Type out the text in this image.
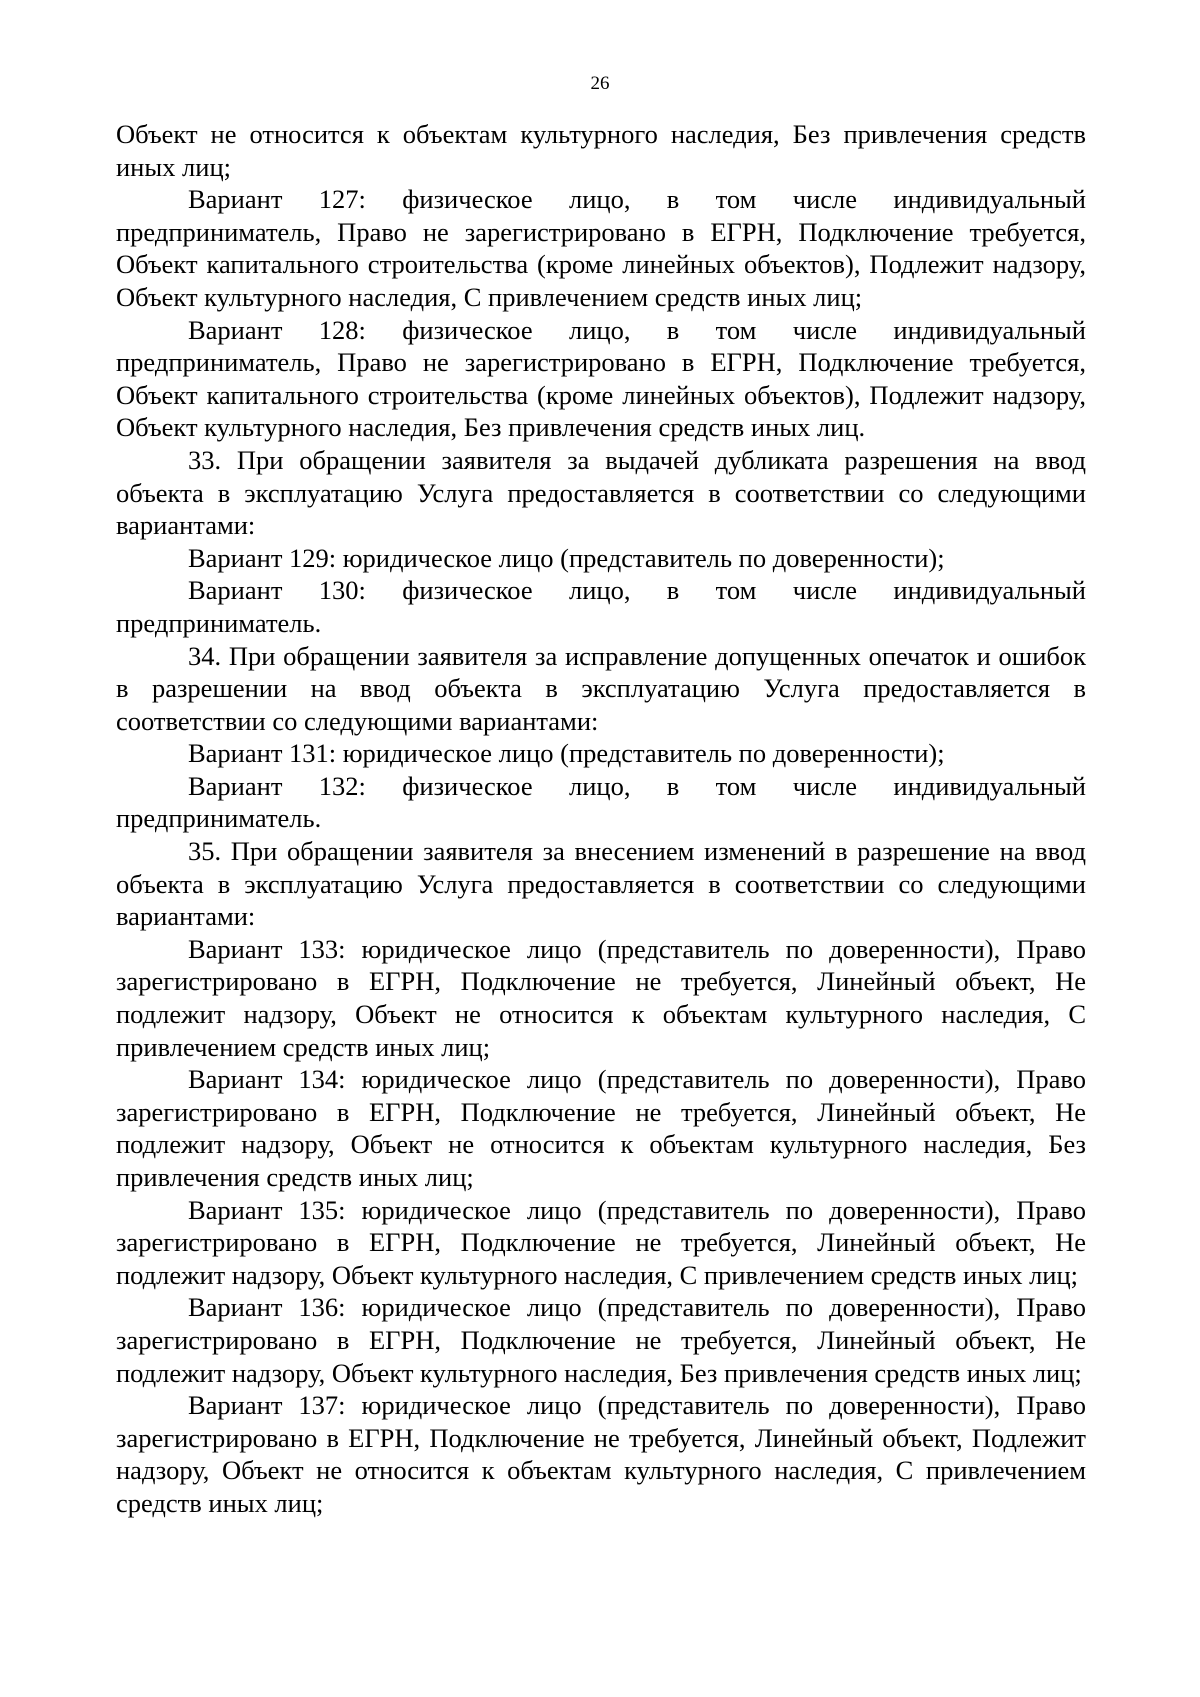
26

Объект не относится к объектам культурного наследия, Без привлечения средств иных лиц;

Вариант 127: физическое лицо, в том числе индивидуальный предприниматель, Право не зарегистрировано в ЕГРН, Подключение требуется, Объект капитального строительства (кроме линейных объектов), Подлежит надзору, Объект культурного наследия, С привлечением средств иных лиц;

Вариант 128: физическое лицо, в том числе индивидуальный предприниматель, Право не зарегистрировано в ЕГРН, Подключение требуется, Объект капитального строительства (кроме линейных объектов), Подлежит надзору, Объект культурного наследия, Без привлечения средств иных лиц.

33. При обращении заявителя за выдачей дубликата разрешения на ввод объекта в эксплуатацию Услуга предоставляется в соответствии со следующими вариантами:

Вариант 129: юридическое лицо (представитель по доверенности);

Вариант 130: физическое лицо, в том числе индивидуальный предприниматель.

34. При обращении заявителя за исправление допущенных опечаток и ошибок в разрешении на ввод объекта в эксплуатацию Услуга предоставляется в соответствии со следующими вариантами:

Вариант 131: юридическое лицо (представитель по доверенности);

Вариант 132: физическое лицо, в том числе индивидуальный предприниматель.

35. При обращении заявителя за внесением изменений в разрешение на ввод объекта в эксплуатацию Услуга предоставляется в соответствии со следующими вариантами:

Вариант 133: юридическое лицо (представитель по доверенности), Право зарегистрировано в ЕГРН, Подключение не требуется, Линейный объект, Не подлежит надзору, Объект не относится к объектам культурного наследия, С привлечением средств иных лиц;

Вариант 134: юридическое лицо (представитель по доверенности), Право зарегистрировано в ЕГРН, Подключение не требуется, Линейный объект, Не подлежит надзору, Объект не относится к объектам культурного наследия, Без привлечения средств иных лиц;

Вариант 135: юридическое лицо (представитель по доверенности), Право зарегистрировано в ЕГРН, Подключение не требуется, Линейный объект, Не подлежит надзору, Объект культурного наследия, С привлечением средств иных лиц;

Вариант 136: юридическое лицо (представитель по доверенности), Право зарегистрировано в ЕГРН, Подключение не требуется, Линейный объект, Не подлежит надзору, Объект культурного наследия, Без привлечения средств иных лиц;

Вариант 137: юридическое лицо (представитель по доверенности), Право зарегистрировано в ЕГРН, Подключение не требуется, Линейный объект, Подлежит надзору, Объект не относится к объектам культурного наследия, С привлечением средств иных лиц;
